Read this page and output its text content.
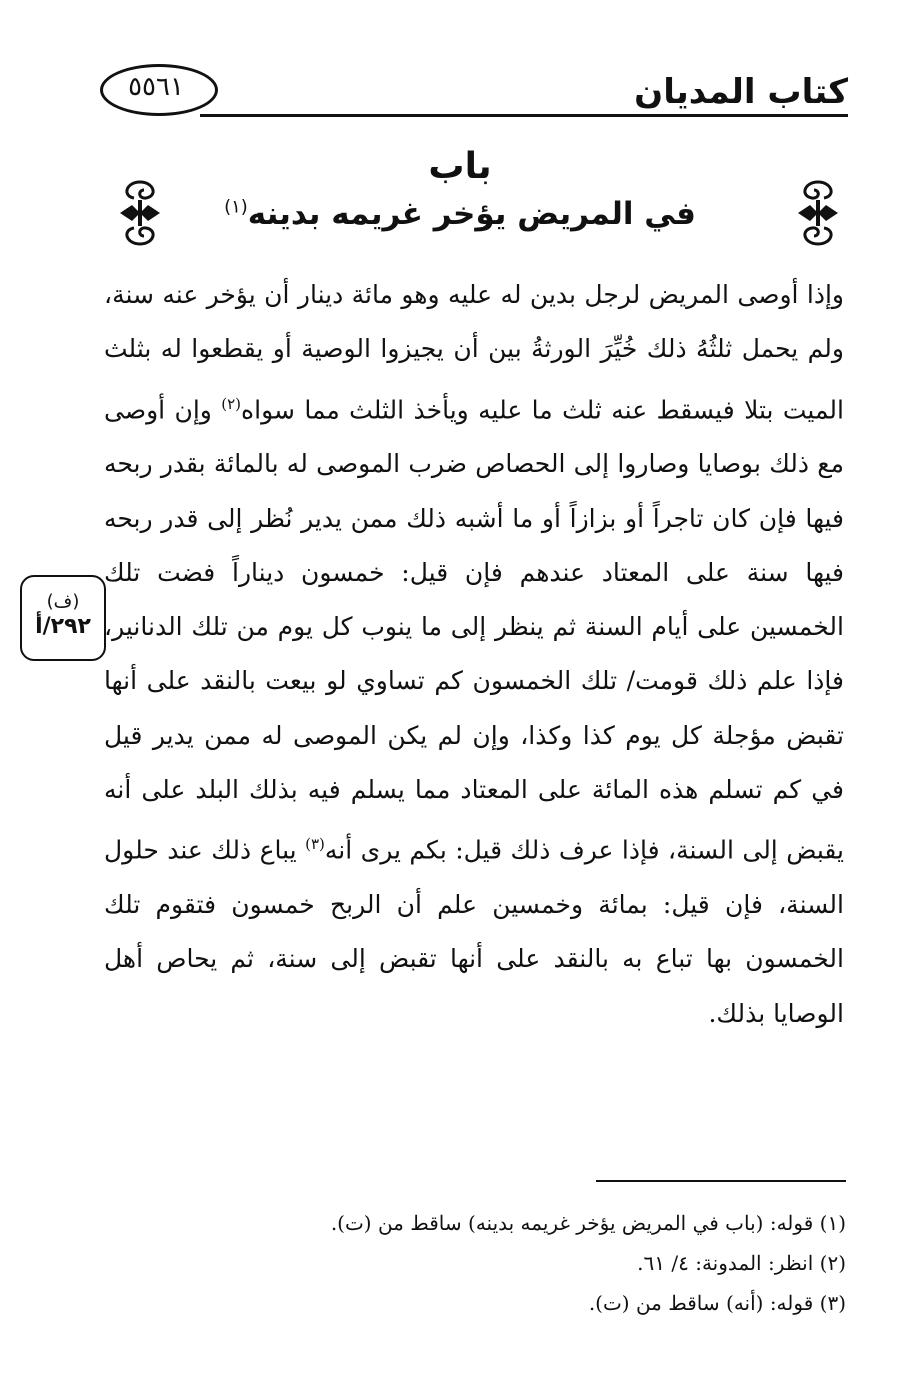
٥٥٦١	كتاب المديان
باب
في المريض يؤخر غريمه بدينه$^{(١)}$

وإذا أوصى المريض لرجل بدين له عليه وهو مائة دينار أن يؤخر عنه سنة، ولم يحمل ثلثُهُ ذلك خُيِّرَ الورثةُ بين أن يجيزوا الوصية أو يقطعوا له بثلث الميت بتلا فيسقط عنه ثلث ما عليه ويأخذ الثلث مما سواه$^{(٢)}$ وإن أوصى مع ذلك بوصايا وصاروا إلى الحصاص ضرب الموصى له بالمائة بقدر ربحه فيها فإن كان تاجراً أو بزازاً أو ما أشبه ذلك ممن يدير نُظر إلى قدر ربحه فيها سنة على المعتاد عندهم فإن قيل: خمسون ديناراً فضت تلك الخمسين على أيام السنة ثم ينظر إلى ما ينوب كل يوم من تلك الدنانير، فإذا علم ذلك قومت/ تلك الخمسون كم تساوي لو بيعت بالنقد على أنها تقبض مؤجلة كل يوم كذا وكذا، وإن لم يكن الموصى له ممن يدير قيل في كم تسلم هذه المائة على المعتاد مما يسلم فيه بذلك البلد على أنه يقبض إلى السنة، فإذا عرف ذلك قيل: بكم يرى أنه$^{(٣)}$ يباع ذلك عند حلول السنة، فإن قيل: بمائة وخمسين علم أن الربح خمسون فتقوم تلك الخمسون بها تباع به بالنقد على أنها تقبض إلى سنة، ثم يحاص أهل الوصايا بذلك.

(ف)
٢٩٢/أ
(١) قوله: (باب في المريض يؤخر غريمه بدينه) ساقط من (ت).
(٢) انظر: المدونة: ٤/ ٦١.
(٣) قوله: (أنه) ساقط من (ت).
